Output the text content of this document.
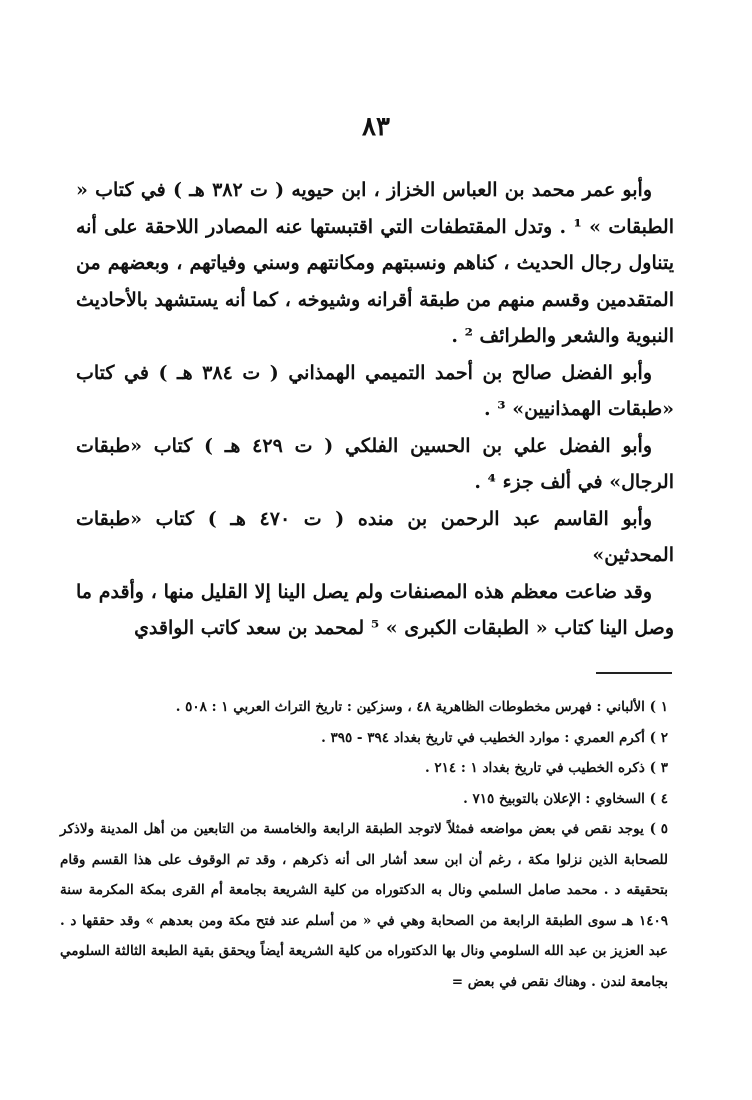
٨٣

وأبو عمر محمد بن العباس الخزاز ، ابن حيويه ( ت ٣٨٢ هـ ) في كتاب « الطبقات » ¹ . وتدل المقتطفات التي اقتبستها عنه المصادر اللاحقة على أنه يتناول رجال الحديث ، كناهم ونسبتهم ومكانتهم وسني وفياتهم ، وبعضهم من المتقدمين وقسم منهم من طبقة أقرانه وشيوخه ، كما أنه يستشهد بالأحاديث النبوية والشعر والطرائف ² .

وأبو الفضل صالح بن أحمد التميمي الهمذاني ( ت ٣٨٤ هـ ) في كتاب «طبقات الهمذانيين» ³ .

وأبو الفضل علي بن الحسين الفلكي ( ت ٤٢٩ هـ ) كتاب «طبقات الرجال» في ألف جزء ⁴ .

وأبو القاسم عبد الرحمن بن منده ( ت ٤٧٠ هـ ) كتاب «طبقات المحدثين»

وقد ضاعت معظم هذه المصنفات ولم يصل الينا إلا القليل منها ، وأقدم ما وصل الينا كتاب « الطبقات الكبرى » ⁵ لمحمد بن سعد كاتب الواقدي

١ ) الألباني : فهرس مخطوطات الظاهرية ٤٨ ، وسزكين : تاريخ التراث العربي ١ : ٥٠٨ .

٢ ) أكرم العمري : موارد الخطيب في تاريخ بغداد ٣٩٤ - ٣٩٥ .

٣ ) ذكره الخطيب في تاريخ بغداد ١ : ٢١٤ .

٤ ) السخاوي : الإعلان بالتوبيخ ٧١٥ .

٥ ) يوجد نقص في بعض مواضعه فمثلاً لاتوجد الطبقة الرابعة والخامسة من التابعين من أهل المدينة ولاذكر للصحابة الذين نزلوا مكة ، رغم أن ابن سعد أشار الى أنه ذكرهم ، وقد تم الوقوف على هذا القسم وقام بتحقيقه د . محمد صامل السلمي ونال به الدكتوراه من كلية الشريعة بجامعة أم القرى بمكة المكرمة سنة ١٤٠٩ هـ سوى الطبقة الرابعة من الصحابة وهي في « من أسلم عند فتح مكة ومن بعدهم » وقد حققها د . عبد العزيز بن عبد الله السلومي ونال بها الدكتوراه من كلية الشريعة أيضاً ويحقق بقية الطبعة الثالثة السلومي بجامعة لندن . وهناك نقص في بعض =
